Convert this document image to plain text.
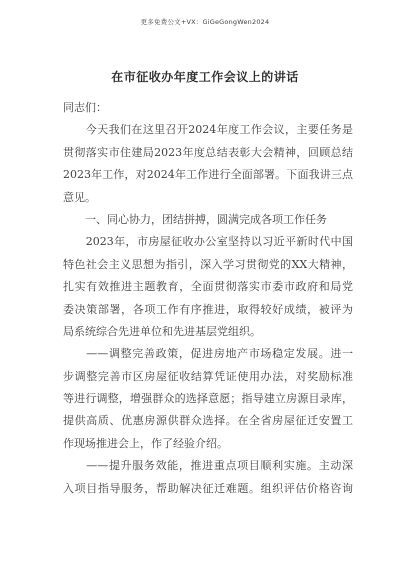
更多免费公文+VX：GiGeGongWen2024
在市征收办年度工作会议上的讲话
同志们：
　　今天我们在这里召开2024年度工作会议，主要任务是
贯彻落实市住建局2023年度总结表彰大会精神，回顾总结
2023年工作，对2024年工作进行全面部署。下面我讲三点
意见。
　　一、同心协力，团结拼搏，圆满完成各项工作任务
　　2023年，市房屋征收办公室坚持以习近平新时代中国
特色社会主义思想为指引，深入学习贯彻党的XX大精神，
扎实有效推进主题教育，全面贯彻落实市委市政府和局党
委决策部署，各项工作有序推进，取得较好成绩，被评为
局系统综合先进单位和先进基层党组织。
　　——调整完善政策，促进房地产市场稳定发展。进一
步调整完善市区房屋征收结算凭证使用办法，对奖励标准
等进行调整，增强群众的选择意愿；指导建立房源目录库，
提供高质、优惠房源供群众选择。在全省房屋征迁安置工
作现场推进会上，作了经验介绍。
　　——提升服务效能，推进重点项目顺利实施。主动深
入项目指导服务，帮助解决征迁难题。组织评估价格咨询
